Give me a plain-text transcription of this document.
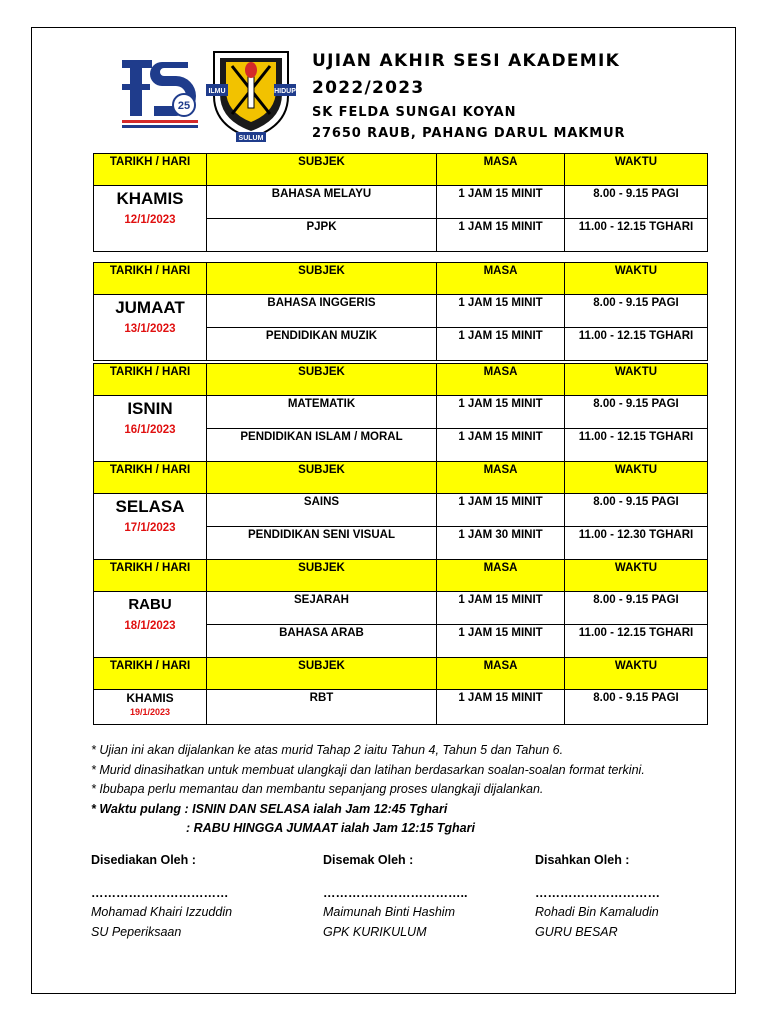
25
ILMU	HIDUP
SULUM
UJIAN AKHIR SESI AKADEMIK
2022/2023
SK FELDA SUNGAI KOYAN
27650 RAUB, PAHANG DARUL MAKMUR
TARIKH / HARI	SUBJEK	MASA	WAKTU

KHAMIS
12/1/2023	BAHASA MELAYU	1 JAM 15 MINIT	8.00 - 9.15 PAGI
	PJPK	1 JAM 15 MINIT	11.00 - 12.15 TGHARI
TARIKH / HARI	SUBJEK	MASA	WAKTU

JUMAAT
13/1/2023	BAHASA INGGERIS	1 JAM 15 MINIT	8.00 - 9.15 PAGI
	PENDIDIKAN MUZIK	1 JAM 15 MINIT	11.00 - 12.15 TGHARI
TARIKH / HARI	SUBJEK	MASA	WAKTU

ISNIN
16/1/2023	MATEMATIK	1 JAM 15 MINIT	8.00 - 9.15 PAGI
	PENDIDIKAN ISLAM / MORAL	1 JAM 15 MINIT	11.00 - 12.15 TGHARI
TARIKH / HARI	SUBJEK	MASA	WAKTU

SELASA
17/1/2023	SAINS	1 JAM 15 MINIT	8.00 - 9.15 PAGI
	PENDIDIKAN SENI VISUAL	1 JAM 30 MINIT	11.00 - 12.30 TGHARI
TARIKH / HARI	SUBJEK	MASA	WAKTU

RABU
18/1/2023	SEJARAH	1 JAM 15 MINIT	8.00 - 9.15 PAGI
	BAHASA ARAB	1 JAM 15 MINIT	11.00 - 12.15 TGHARI
TARIKH / HARI	SUBJEK	MASA	WAKTU

KHAMIS
19/1/2023	RBT	1 JAM 15 MINIT	8.00 - 9.15 PAGI
* Ujian ini akan dijalankan ke atas murid Tahap 2 iaitu Tahun 4, Tahun 5 dan Tahun 6.
* Murid dinasihatkan untuk membuat ulangkaji dan latihan berdasarkan soalan-soalan format terkini.
* Ibubapa perlu memantau dan membantu sepanjang proses ulangkaji dijalankan.
* Waktu pulang : ISNIN DAN SELASA ialah Jam 12:45 Tghari
: RABU HINGGA JUMAAT ialah Jam 12:15 Tghari
Disediakan Oleh :
……………………………
Mohamad Khairi Izzuddin
SU Peperiksaan
Disemak Oleh :
……………………………..
Maimunah Binti Hashim
GPK KURIKULUM
Disahkan Oleh :
…………………………
Rohadi Bin Kamaludin
GURU BESAR
